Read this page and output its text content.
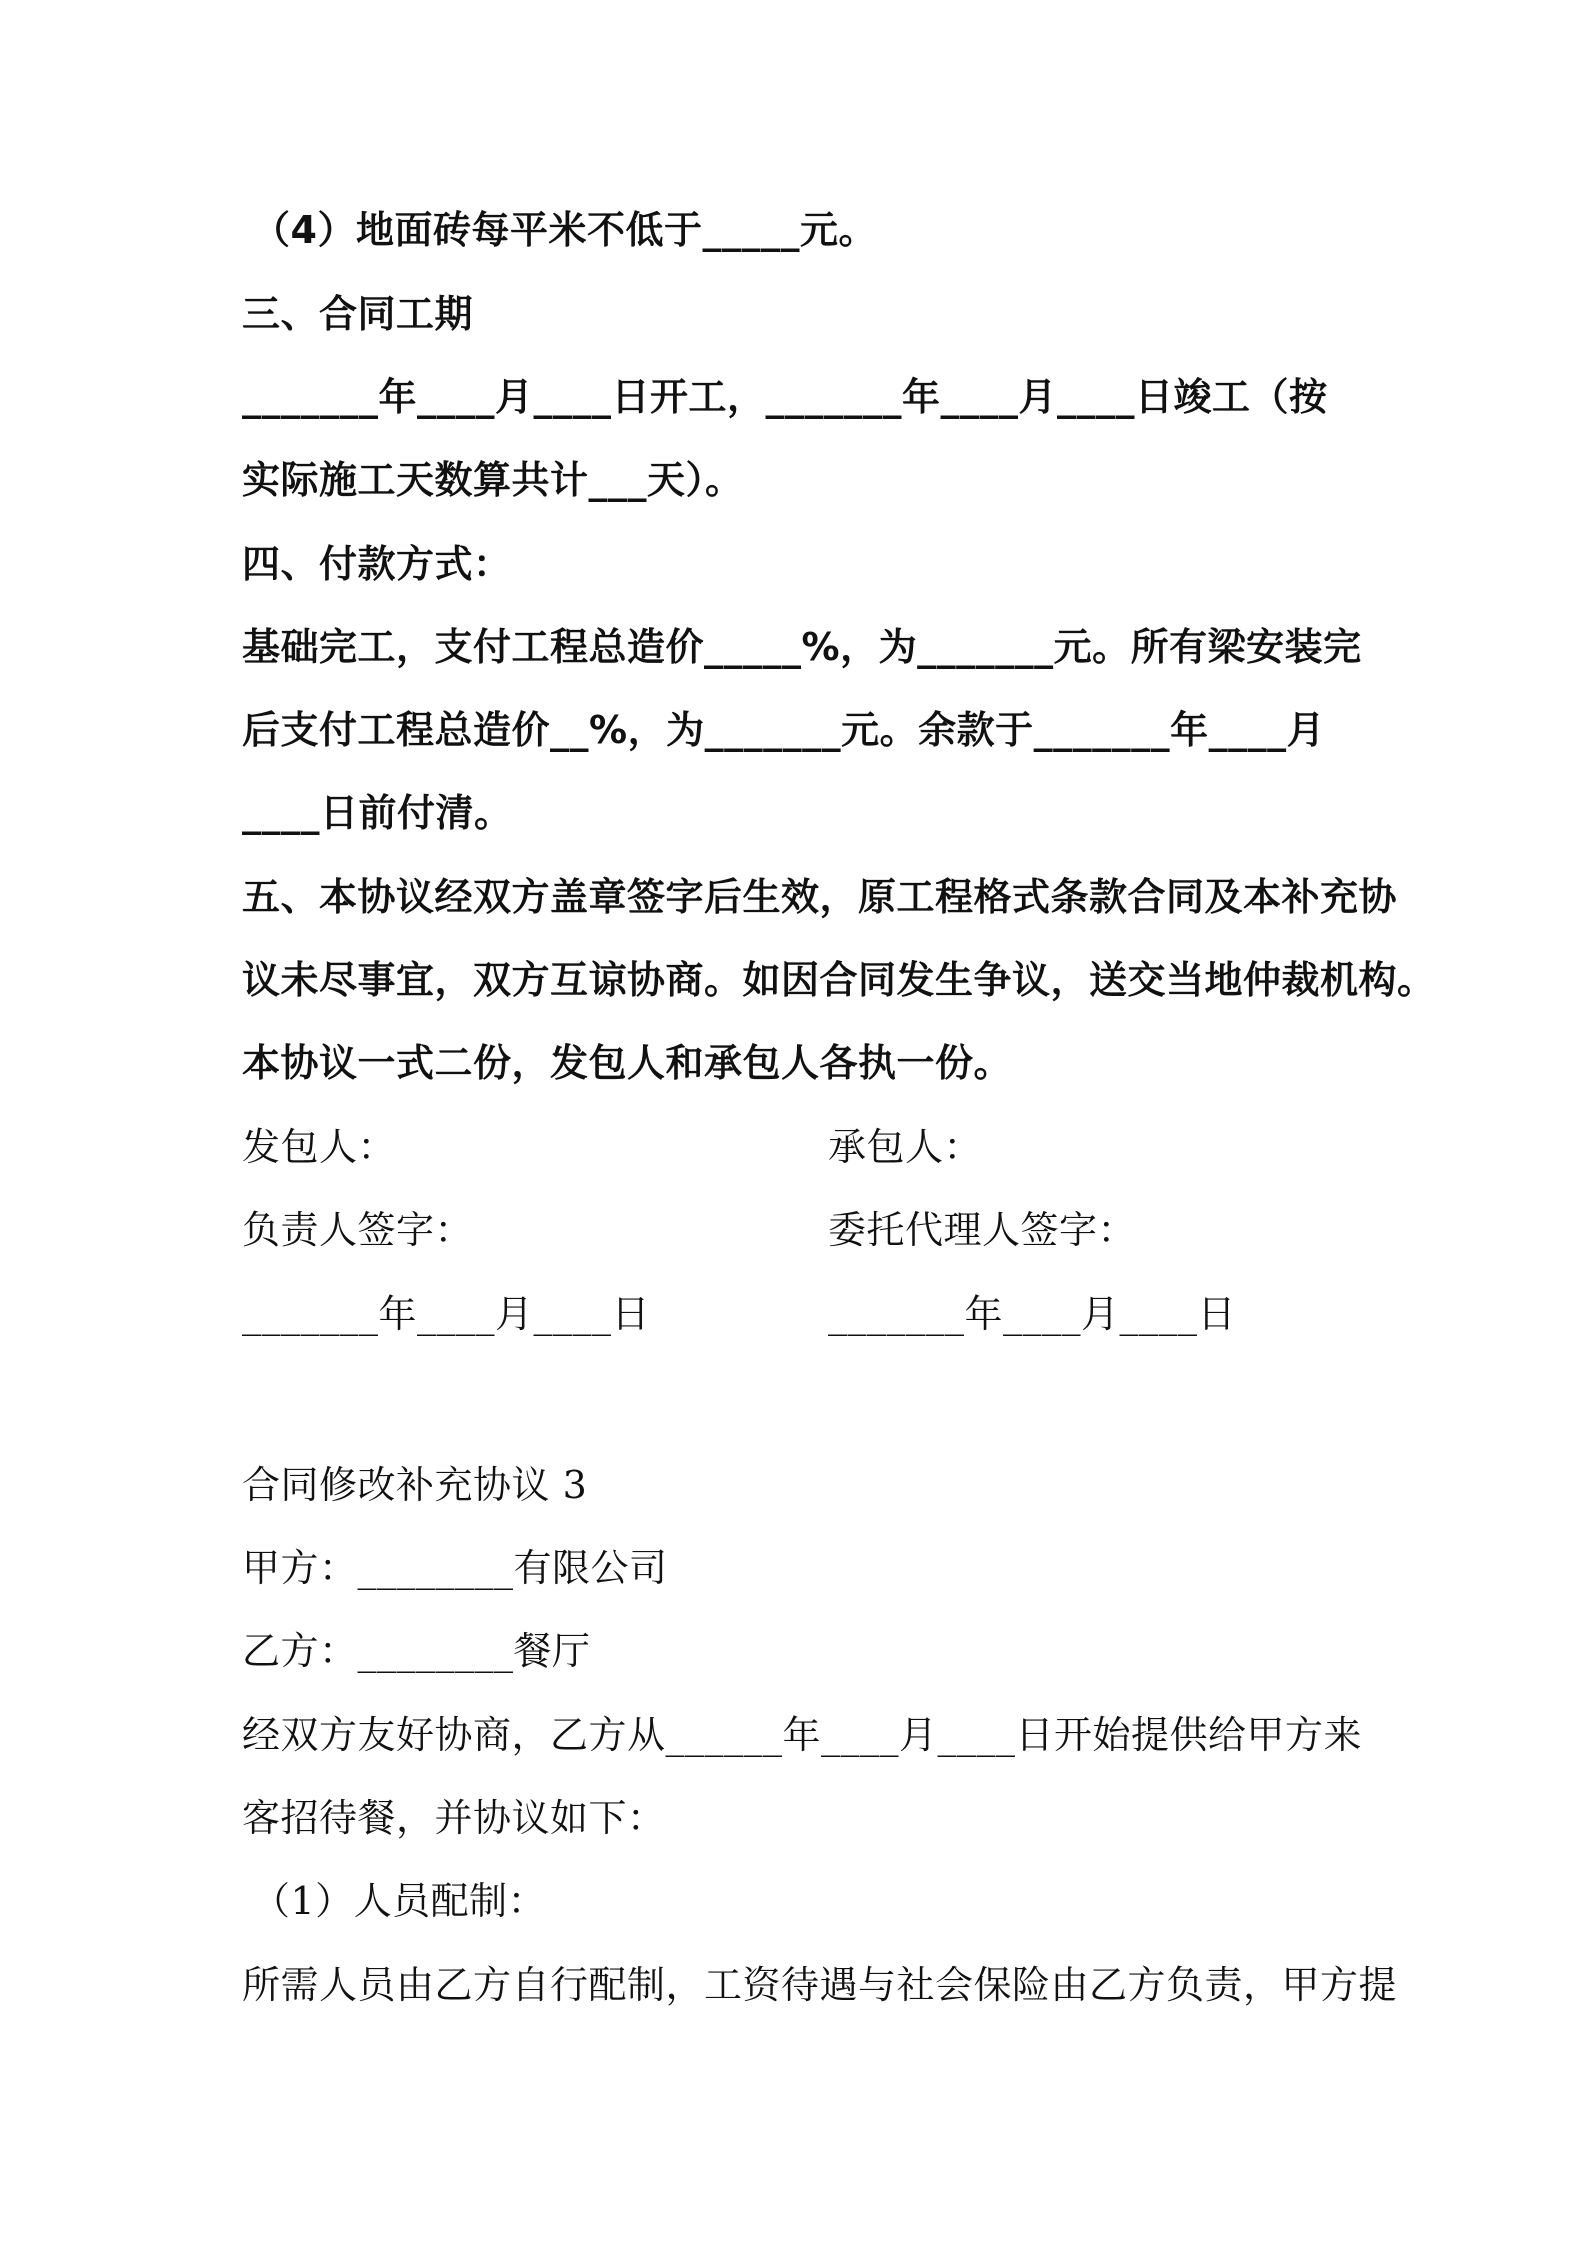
（4）地面砖每平米不低于_____元。
三、合同工期
_______年____月____日开工，_______年____月____日竣工（按
实际施工天数算共计___天）。
四、付款方式：
基础完工，支付工程总造价_____%，为_______元。所有梁安装完
后支付工程总造价__%，为_______元。余款于_______年____月
____日前付清。
五、本协议经双方盖章签字后生效，原工程格式条款合同及本补充协
议未尽事宜，双方互谅协商。如因合同发生争议，送交当地仲裁机构。
本协议一式二份，发包人和承包人各执一份。
发包人：	承包人：
负责人签字：	委托代理人签字：
_______年____月____日	_______年____月____日
合同修改补充协议 3
甲方：________有限公司
乙方：________餐厅
经双方友好协商，乙方从______年____月____日开始提供给甲方来
客招待餐，并协议如下：
（1）人员配制：
所需人员由乙方自行配制，工资待遇与社会保险由乙方负责，甲方提
